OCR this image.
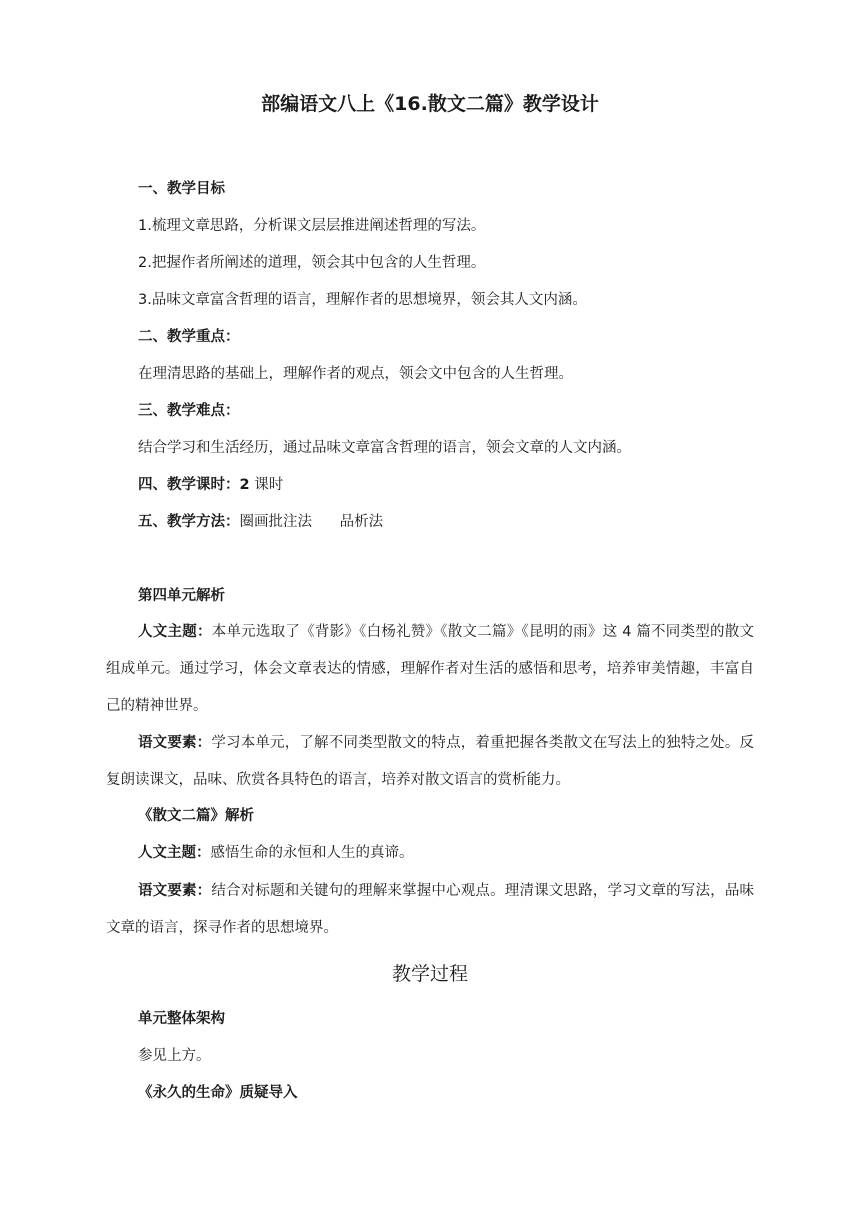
部编语文八上《16.散文二篇》教学设计
一、教学目标
1.梳理文章思路，分析课文层层推进阐述哲理的写法。
2.把握作者所阐述的道理，领会其中包含的人生哲理。
3.品味文章富含哲理的语言，理解作者的思想境界，领会其人文内涵。
二、教学重点：
在理清思路的基础上，理解作者的观点，领会文中包含的人生哲理。
三、教学难点：
结合学习和生活经历，通过品味文章富含哲理的语言，领会文章的人文内涵。
四、教学课时：2 课时
五、教学方法：圈画批注法      品析法
第四单元解析
人文主题：本单元选取了《背影》《白杨礼赞》《散文二篇》《昆明的雨》这 4 篇不同类型的散文组成单元。通过学习，体会文章表达的情感，理解作者对生活的感悟和思考，培养审美情趣，丰富自己的精神世界。
语文要素：学习本单元，了解不同类型散文的特点，着重把握各类散文在写法上的独特之处。反复朗读课文，品味、欣赏各具特色的语言，培养对散文语言的赏析能力。
《散文二篇》解析
人文主题：感悟生命的永恒和人生的真谛。
语文要素：结合对标题和关键句的理解来掌握中心观点。理清课文思路，学习文章的写法，品味文章的语言，探寻作者的思想境界。
教学过程
单元整体架构
参见上方。
《永久的生命》质疑导入
